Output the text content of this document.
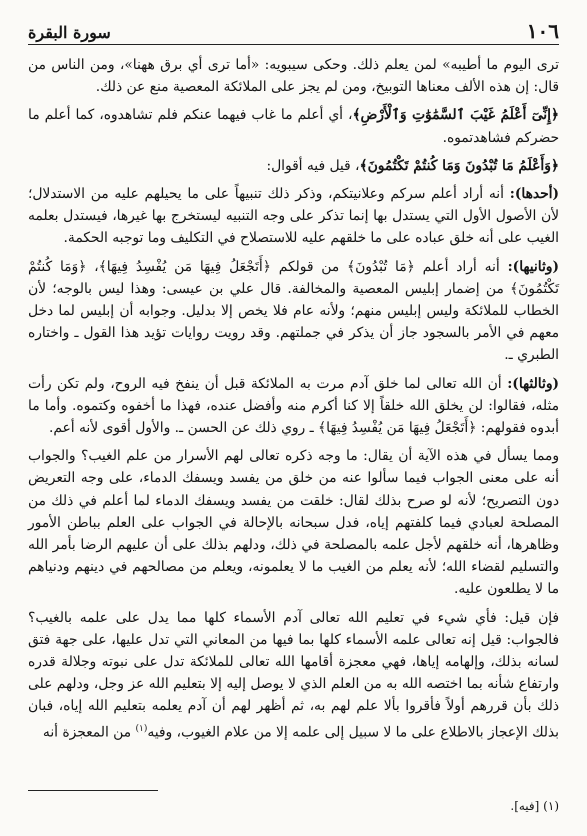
١٠٦
سورة البقرة

ترى اليوم ما أطيبه» لمن يعلم ذلك. وحكى سيبويه: «أما ترى أي برق ههنا»، ومن الناس من قال: إن هذه الألف معناها التوبيخ، ومن لم يجز على الملائكة المعصية منع عن ذلك.

﴿إِنِّىٓ أَعْلَمُ غَيْبَ ٱلسَّمَٰوَٰتِ وَٱلْأَرْضِ﴾، أي أعلم ما غاب فيهما عنكم فلم تشاهدوه، كما أعلم ما حضركم فشاهدتموه.

﴿وَأَعْلَمُ مَا تُبْدُونَ وَمَا كُنتُمْ تَكْتُمُونَ﴾، قيل فيه أقوال:

(أحدها): أنه أراد أعلم سركم وعلانيتكم، وذكر ذلك تنبيهاً على ما يحيلهم عليه من الاستدلال؛ لأن الأصول الأول التي يستدل بها إنما تذكر على وجه التنبيه ليستخرج بها غيرها، فيستدل بعلمه الغيب على أنه خلق عباده على ما خلقهم عليه للاستصلاح في التكليف وما توجبه الحكمة.

(وثانيها): أنه أراد أعلم ﴿مَا تُبْدُونَ﴾ من قولكم ﴿أَتَجْعَلُ فِيهَا مَن يُفْسِدُ فِيهَا﴾، ﴿وَمَا كُنتُمْ تَكْتُمُونَ﴾ من إضمار إبليس المعصية والمخالفة. قال علي بن عيسى: وهذا ليس بالوجه؛ لأن الخطاب للملائكة وليس إبليس منهم؛ ولأنه عام فلا يخص إلا بدليل. وجوابه أن إبليس لما دخل معهم في الأمر بالسجود جاز أن يذكر في جملتهم. وقد رويت روايات تؤيد هذا القول ـ واختاره الطبري ـ.

(وثالثها): أن الله تعالى لما خلق آدم مرت به الملائكة قبل أن ينفخ فيه الروح، ولم تكن رأت مثله، فقالوا: لن يخلق الله خلقاً إلا كنا أكرم منه وأفضل عنده، فهذا ما أخفوه وكتموه. وأما ما أبدوه فقولهم: ﴿أَتَجْعَلُ فِيهَا مَن يُفْسِدُ فِيهَا﴾ ـ روي ذلك عن الحسن ـ. والأول أقوى لأنه أعم.

ومما يسأل في هذه الآية أن يقال: ما وجه ذكره تعالى لهم الأسرار من علم الغيب؟ والجواب أنه على معنى الجواب فيما سألوا عنه من خلق من يفسد ويسفك الدماء، على وجه التعريض دون التصريح؛ لأنه لو صرح بذلك لقال: خلقت من يفسد ويسفك الدماء لما أعلم في ذلك من المصلحة لعبادي فيما كلفتهم إياه، فدل سبحانه بالإحالة في الجواب على العلم بباطن الأمور وظاهرها، أنه خلقهم لأجل علمه بالمصلحة في ذلك، ودلهم بذلك على أن عليهم الرضا بأمر الله والتسليم لقضاء الله؛ لأنه يعلم من الغيب ما لا يعلمونه، ويعلم من مصالحهم في دينهم ودنياهم ما لا يطلعون عليه.

فإن قيل: فأي شيء في تعليم الله تعالى آدم الأسماء كلها مما يدل على علمه بالغيب؟ فالجواب: قيل إنه تعالى علمه الأسماء كلها بما فيها من المعاني التي تدل عليها، على جهة فتق لسانه بذلك، وإلهامه إياها، فهي معجزة أقامها الله تعالى للملائكة تدل على نبوته وجلالة قدره وارتفاع شأنه بما اختصه الله به من العلم الذي لا يوصل إليه إلا بتعليم الله عز وجل، ودلهم على ذلك بأن قررهم أولاً فأقروا بألا علم لهم به، ثم أظهر لهم أن آدم يعلمه بتعليم الله إياه، فبان بذلك الإعجاز بالاطلاع على ما لا سبيل إلى علمه إلا من علام الغيوب، وفيه$^{(١)}$ من المعجزة أنه

(١) [فيه].
